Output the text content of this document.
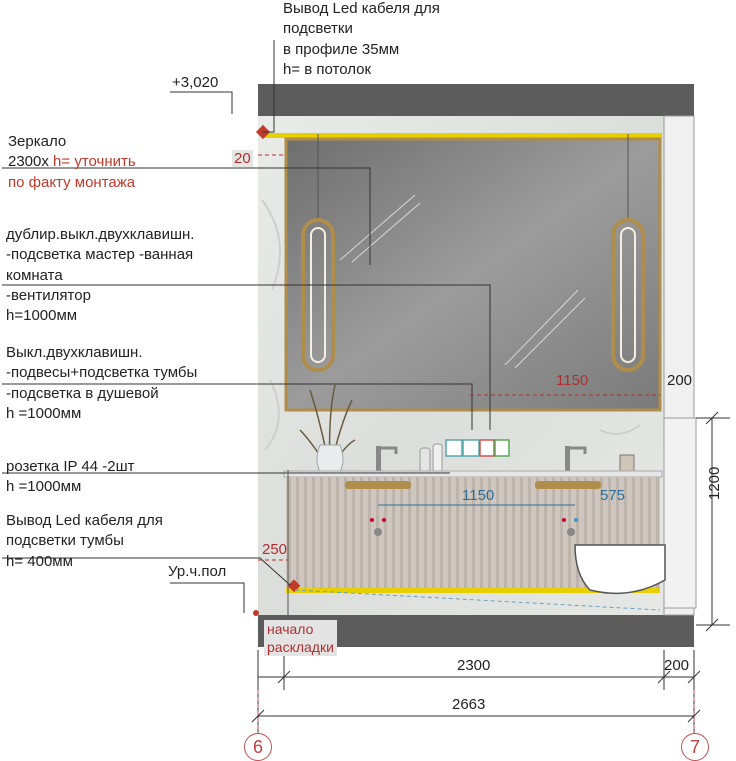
Вывод Led кабеля для
подсветки
в профиле 35мм
h= в потолок
+3,020
Зеркало
2300х h= уточнить
по факту монтажа
20
дублир.выкл.двухклавишн.
-подсветка мастер -ванная
комната
-вентилятор
h=1000мм
Выкл.двухклавишн.
-подвесы+подсветка тумбы
-подсветка в душевой
h =1000мм
1150	200
розетка IP 44 -2шт
h =1000мм
1150	575
Вывод Led кабеля для
подсветки тумбы
h= 400мм
250
1200
Ур.ч.пол
начало
раскладки
2300	200
2663
6	7
